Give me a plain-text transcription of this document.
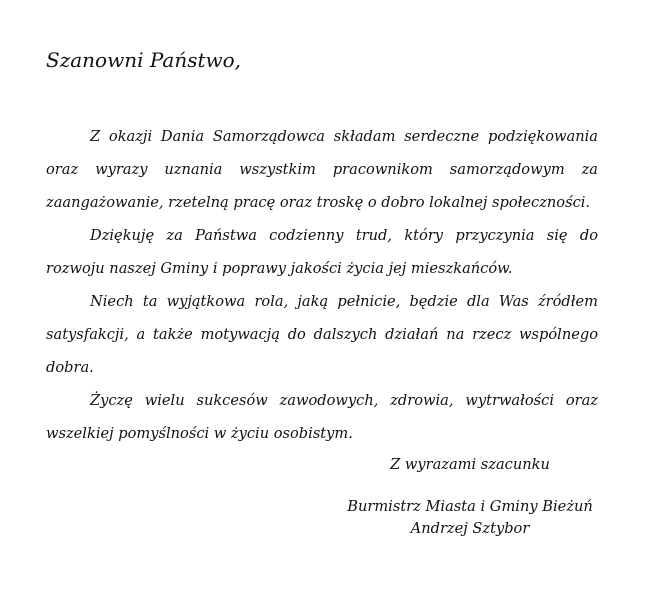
Szanowni Państwo,

Z okazji Dania Samorządowca składam serdeczne podziękowania oraz wyrazy uznania wszystkim pracownikom samorządowym za zaangażowanie, rzetelną pracę oraz troskę o dobro lokalnej społeczności.

Dziękuję za Państwa codzienny trud, który przyczynia się do rozwoju naszej Gminy i poprawy jakości życia jej mieszkańców.

Niech ta wyjątkowa rola, jaką pełnicie, będzie dla Was źródłem satysfakcji, a także motywacją do dalszych działań na rzecz wspólnego dobra.

Życzę wielu sukcesów zawodowych, zdrowia, wytrwałości oraz wszelkiej pomyślności w życiu osobistym.

Z wyrazami szacunku
Burmistrz Miasta i Gminy Bieżuń
Andrzej Sztybor
